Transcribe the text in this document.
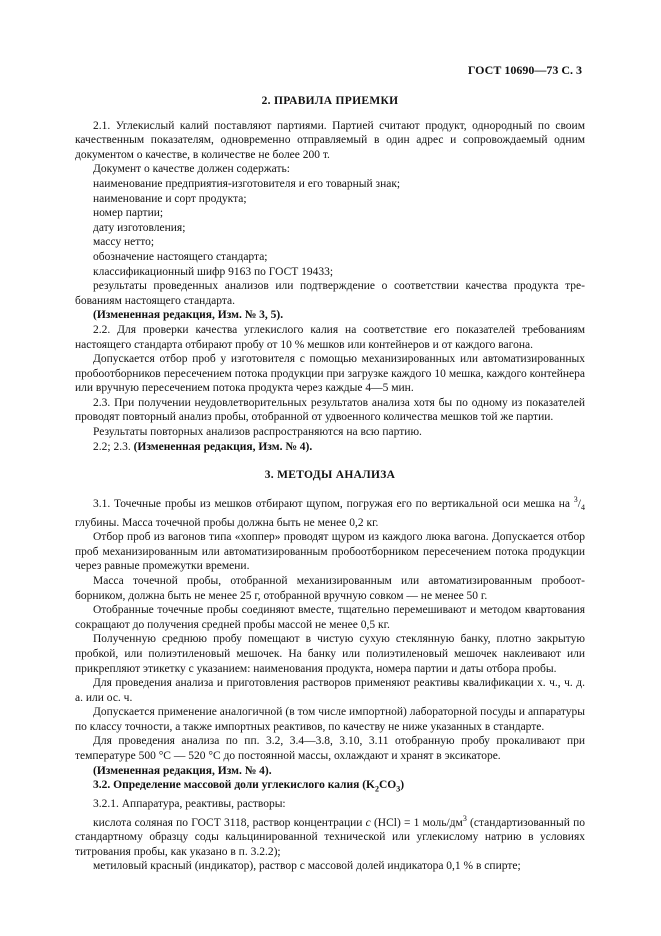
ГОСТ 10690—73 С. 3
2. ПРАВИЛА ПРИЕМКИ

2.1. Углекислый калий поставляют партиями. Партией считают продукт, однородный по своим качественным показателям, одновременно отправляемый в один адрес и сопровождаемый одним документом о качестве, в количестве не более 200 т.

Документ о качестве должен содержать:

наименование предприятия-изготовителя и его товарный знак;

наименование и сорт продукта;

номер партии;

дату изготовления;

массу нетто;

обозначение настоящего стандарта;

классификационный шифр 9163 по ГОСТ 19433;

результаты проведенных анализов или подтверждение о соответствии качества продукта требованиям настоящего стандарта.

(Измененная редакция, Изм. № 3, 5).

2.2. Для проверки качества углекислого калия на соответствие его показателей требованиям настоящего стандарта отбирают пробу от 10 % мешков или контейнеров и от каждого вагона.

Допускается отбор проб у изготовителя с помощью механизированных или автоматизированных пробоотборников пересечением потока продукции при загрузке каждого 10 мешка, каждого контейнера или вручную пересечением потока продукта через каждые 4—5 мин.

2.3. При получении неудовлетворительных результатов анализа хотя бы по одному из показателей проводят повторный анализ пробы, отобранной от удвоенного количества мешков той же партии.

Результаты повторных анализов распространяются на всю партию.

2.2; 2.3. (Измененная редакция, Изм. № 4).

3. МЕТОДЫ АНАЛИЗА

3.1. Точечные пробы из мешков отбирают щупом, погружая его по вертикальной оси мешка на $^3/_4$ глубины. Масса точечной пробы должна быть не менее 0,2 кг.

Отбор проб из вагонов типа «хоппер» проводят щуром из каждого люка вагона. Допускается отбор проб механизированным или автоматизированным пробоотборником пересечением потока продукции через равные промежутки времени.

Масса точечной пробы, отобранной механизированным или автоматизированным пробоотборником, должна быть не менее 25 г, отобранной вручную совком — не менее 50 г.

Отобранные точечные пробы соединяют вместе, тщательно перемешивают и методом квартования сокращают до получения средней пробы массой не менее 0,5 кг.

Полученную среднюю пробу помещают в чистую сухую стеклянную банку, плотно закрытую пробкой, или полиэтиленовый мешочек. На банку или полиэтиленовый мешочек наклеивают или прикрепляют этикетку с указанием: наименования продукта, номера партии и даты отбора пробы.

Для проведения анализа и приготовления растворов применяют реактивы квалификации х. ч., ч. д. а. или ос. ч.

Допускается применение аналогичной (в том числе импортной) лабораторной посуды и аппаратуры по классу точности, а также импортных реактивов, по качеству не ниже указанных в стандарте.

Для проведения анализа по пп. 3.2, 3.4—3.8, 3.10, 3.11 отобранную пробу прокаливают при температуре 500 °С — 520 °С до постоянной массы, охлаждают и хранят в эксикаторе.

(Измененная редакция, Изм. № 4).

3.2. Определение массовой доли углекислого калия $(K_2CO_3)$

3.2.1. Аппаратура, реактивы, растворы:

кислота соляная по ГОСТ 3118, раствор концентрации c (HCl) = 1 моль/$дм^3$ (стандартизованный по стандартному образцу соды кальцинированной технической или углекислому натрию в условиях титрования пробы, как указано в п. 3.2.2);

метиловый красный (индикатор), раствор с массовой долей индикатора 0,1 % в спирте;
